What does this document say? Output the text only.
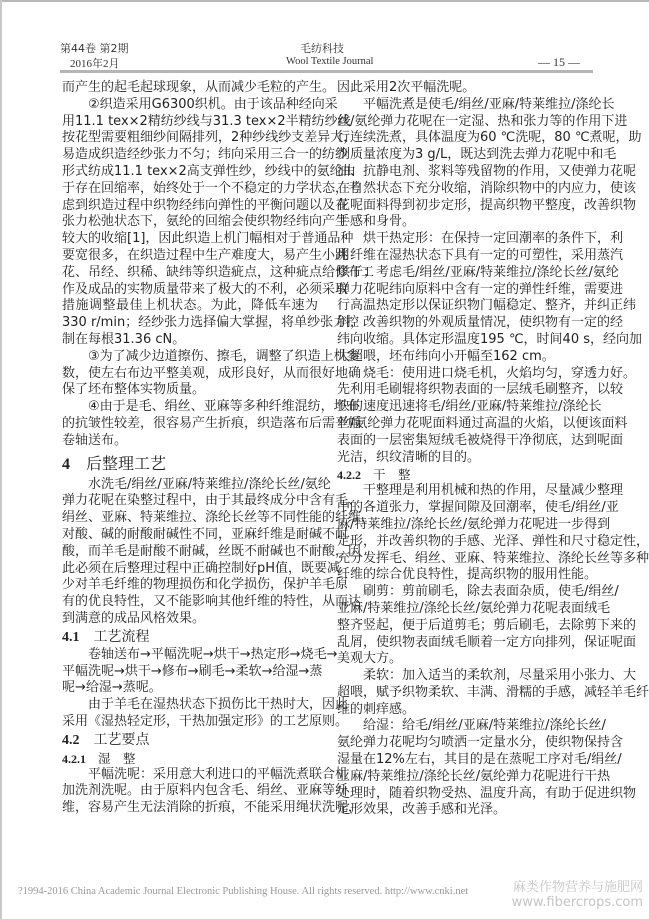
第44卷 第2期
2016年2月
毛纺科技
Wool Textile Journal	— 15 —
而产生的起毛起球现象，从而减少毛粒的产生。
②织造采用G6300织机。由于该品种经向采
用11.1 tex×2精纺纱线与31.3 tex×2半精纺纱线
按花型需要粗细纱间隔排列，2种纱线纱支差异大，
易造成织造经纱张力不匀；纬向采用三合一的纺纱
形式纺成11.1 tex×2高支弹性纱，纱线中的氨纶由
于存在回缩率，始终处于一个不稳定的力学状态，考
虑到织造过程中织物经纬向弹性的平衡问题以及在
张力松弛状态下，氨纶的回缩会使织物经纬向产生
较大的收缩[1]，因此织造上机门幅相对于普通品种
要宽很多，在织造过程中生产难度大，易产生小跳
花、吊经、织稀、缺纬等织造疵点，这种疵点给修布工
作及成品的实物质量带来了极大的不利，必须采取
措施调整最佳上机状态。为此，降低车速为
330 r/min；经纱张力选择偏大掌握，将单纱张力控
制在每根31.36 cN。
③为了减少边道擦伤、擦毛，调整了织造上机参
数，使左右布边平整美观，成形良好，从而很好地确
保了坯布整体实物质量。
④由于是毛、绢丝、亚麻等多种纤维混纺，坯布
的抗皱性较差，很容易产生折痕，织造落布后需平幅
卷轴送布。
4 后整理工艺
水洗毛/绢丝/亚麻/特莱维拉/涤纶长丝/氨纶
弹力花呢在染整过程中，由于其最终成分中含有毛、
绢丝、亚麻、特莱维拉、涤纶长丝等不同性能的纤维，
对酸、碱的耐酸耐碱性不同，亚麻纤维是耐碱不耐
酸，而羊毛是耐酸不耐碱，丝既不耐碱也不耐酸，因
此必须在后整理过程中正确控制好pH值，既要减
少对羊毛纤维的物理损伤和化学损伤，保护羊毛原
有的优良特性，又不能影响其他纤维的特性，从而达
到满意的成品风格效果。
4.1 工艺流程
卷轴送布→平幅洗呢→烘干→热定形→烧毛→
平幅洗呢→烘干→修布→刷毛→柔软→给湿→蒸
呢→给湿→蒸呢。
由于羊毛在湿热状态下损伤比干热时大，因此
采用《湿热轻定形，干热加强定形》的工艺原则。
4.2 工艺要点
4.2.1 湿　整
平幅洗呢：采用意大利进口的平幅洗煮联合机
加洗剂洗呢。由于原料内包含毛、绢丝、亚麻等纤
维，容易产生无法消除的折痕，不能采用绳状洗呢，
因此采用2次平幅洗呢。
平幅洗煮是使毛/绢丝/亚麻/特莱维拉/涤纶长
丝/氨纶弹力花呢在一定湿、热和张力等的作用下进
行连续洗煮，具体温度为60 ℃洗呢，80 ℃煮呢，助
剂质量浓度为3 g/L，既达到洗去弹力花呢中和毛
油、抗静电剂、浆料等残留物的作用，又使弹力花呢
在自然状态下充分收缩，消除织物中的内应力，使该
花呢面料得到初步定形，提高织物平整度，改善织物
手感和身骨。
烘干热定形：在保持一定回潮率的条件下，利
用纤维在湿热状态下具有一定的可塑性，采用蒸汽
烘干；考虑毛/绢丝/亚麻/特莱维拉/涤纶长丝/氨纶
弹力花呢纬向原料中含有一定的弹性纤维，需要进
行高温热定形以保证织物门幅稳定、整齐，并纠正纬
斜，改善织物的外观质量情况，使织物有一定的经
纬向收缩。具体定形温度195 ℃，时间40 s，经向加
大超喂，坯布纬向小开幅至162 cm。
烧毛：使用进口烧毛机，火焰均匀，穿透力好。
先利用毛刷辊将织物表面的一层绒毛刷整齐，以较
快的速度迅速将毛/绢丝/亚麻/特莱维拉/涤纶长
丝/氨纶弹力花呢面料通过高温的火焰，以便该面料
表面的一层密集短绒毛被烧得干净彻底，达到呢面
光洁，织纹清晰的目的。
4.2.2 干　整
干整理是利用机械和热的作用，尽量减少整理
中的各道张力，掌握间隙及回潮率，使毛/绢丝/亚
麻/特莱维拉/涤纶长丝/氨纶弹力花呢进一步得到
定形，并改善织物的手感、光泽、弹性和尺寸稳定性，
充分发挥毛、绢丝、亚麻、特莱维拉、涤纶长丝等多种
纤维的综合优良特性，提高织物的服用性能。
刷剪：剪前刷毛，除去表面杂质，使毛/绢丝/
亚麻/特莱维拉/涤纶长丝/氨纶弹力花呢表面绒毛
整齐竖起，便于后道剪毛；剪后刷毛，去除剪下来的
乱屑，使织物表面绒毛顺着一定方向排列，保证呢面
美观大方。
柔软：加入适当的柔软剂，尽量采用小张力、大
超喂，赋予织物柔软、丰满、滑糯的手感，减轻羊毛纤
维的刺痒感。
给湿：给毛/绢丝/亚麻/特莱维拉/涤纶长丝/
氨纶弹力花呢均匀喷洒一定量水分，使织物保持含
湿量在12%左右，其目的是在蒸呢工序对毛/绢丝/
亚麻/特莱维拉/涤纶长丝/氨纶弹力花呢进行干热
处理时，随着织物受热、温度升高，有助于促进织物
定形效果，改善手感和光泽。
?1994-2016 China Academic Journal Electronic Publishing House. All rights reserved. http://www.cnki.net	麻类作物营养与施肥网
www.fibercrops.com
